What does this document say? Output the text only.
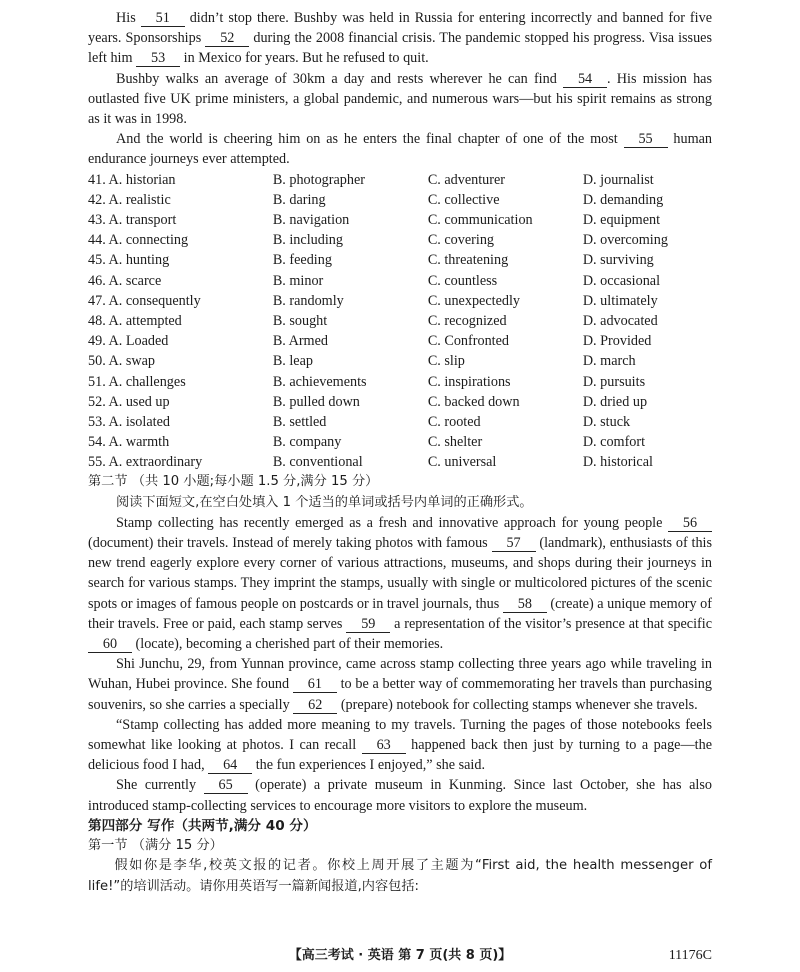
His 51 didn’t stop there. Bushby was held in Russia for entering incorrectly and banned for five years. Sponsorships 52 during the 2008 financial crisis. The pandemic stopped his progress. Visa issues left him 53 in Mexico for years. But he refused to quit.

Bushby walks an average of 30km a day and rests wherever he can find 54 . His mission has outlasted five UK prime ministers, a global pandemic, and numerous wars—but his spirit remains as strong as it was in 1998.

And the world is cheering him on as he enters the final chapter of one of the most 55 human endurance journeys ever attempted.

41. A. historian	B. photographer	C. adventurer	D. journalist
42. A. realistic	B. daring	C. collective	D. demanding
43. A. transport	B. navigation	C. communication	D. equipment
44. A. connecting	B. including	C. covering	D. overcoming
45. A. hunting	B. feeding	C. threatening	D. surviving
46. A. scarce	B. minor	C. countless	D. occasional
47. A. consequently	B. randomly	C. unexpectedly	D. ultimately
48. A. attempted	B. sought	C. recognized	D. advocated
49. A. Loaded	B. Armed	C. Confronted	D. Provided
50. A. swap	B. leap	C. slip	D. march
51. A. challenges	B. achievements	C. inspirations	D. pursuits
52. A. used up	B. pulled down	C. backed down	D. dried up
53. A. isolated	B. settled	C. rooted	D. stuck
54. A. warmth	B. company	C. shelter	D. comfort
55. A. extraordinary	B. conventional	C. universal	D. historical

第二节 （共 10 小题;每小题 1.5 分,满分 15 分）

阅读下面短文,在空白处填入 1 个适当的单词或括号内单词的正确形式。

Stamp collecting has recently emerged as a fresh and innovative approach for young people 56 (document) their travels. Instead of merely taking photos with famous 57 (landmark), enthusiasts of this new trend eagerly explore every corner of various attractions, museums, and shops during their journeys in search for various stamps. They imprint the stamps, usually with single or multicolored pictures of the scenic spots or images of famous people on postcards or in travel journals, thus 58 (create) a unique memory of their travels. Free or paid, each stamp serves 59 a representation of the visitor’s presence at that specific 60 (locate), becoming a cherished part of their memories.

Shi Junchu, 29, from Yunnan province, came across stamp collecting three years ago while traveling in Wuhan, Hubei province. She found 61 to be a better way of commemorating her travels than purchasing souvenirs, so she carries a specially 62 (prepare) notebook for collecting stamps whenever she travels.

“Stamp collecting has added more meaning to my travels. Turning the pages of those notebooks feels somewhat like looking at photos. I can recall 63 happened back then just by turning to a page—the delicious food I had, 64 the fun experiences I enjoyed,” she said.

She currently 65 (operate) a private museum in Kunming. Since last October, she has also introduced stamp-collecting services to encourage more visitors to explore the museum.

第四部分 写作（共两节,满分 40 分）

第一节 （满分 15 分）

假如你是李华,校英文报的记者。你校上周开展了主题为“First aid, the health messenger of life!”的培训活动。请你用英语写一篇新闻报道,内容包括:

【高三考试 · 英语 第 7 页(共 8 页)】	11176C
